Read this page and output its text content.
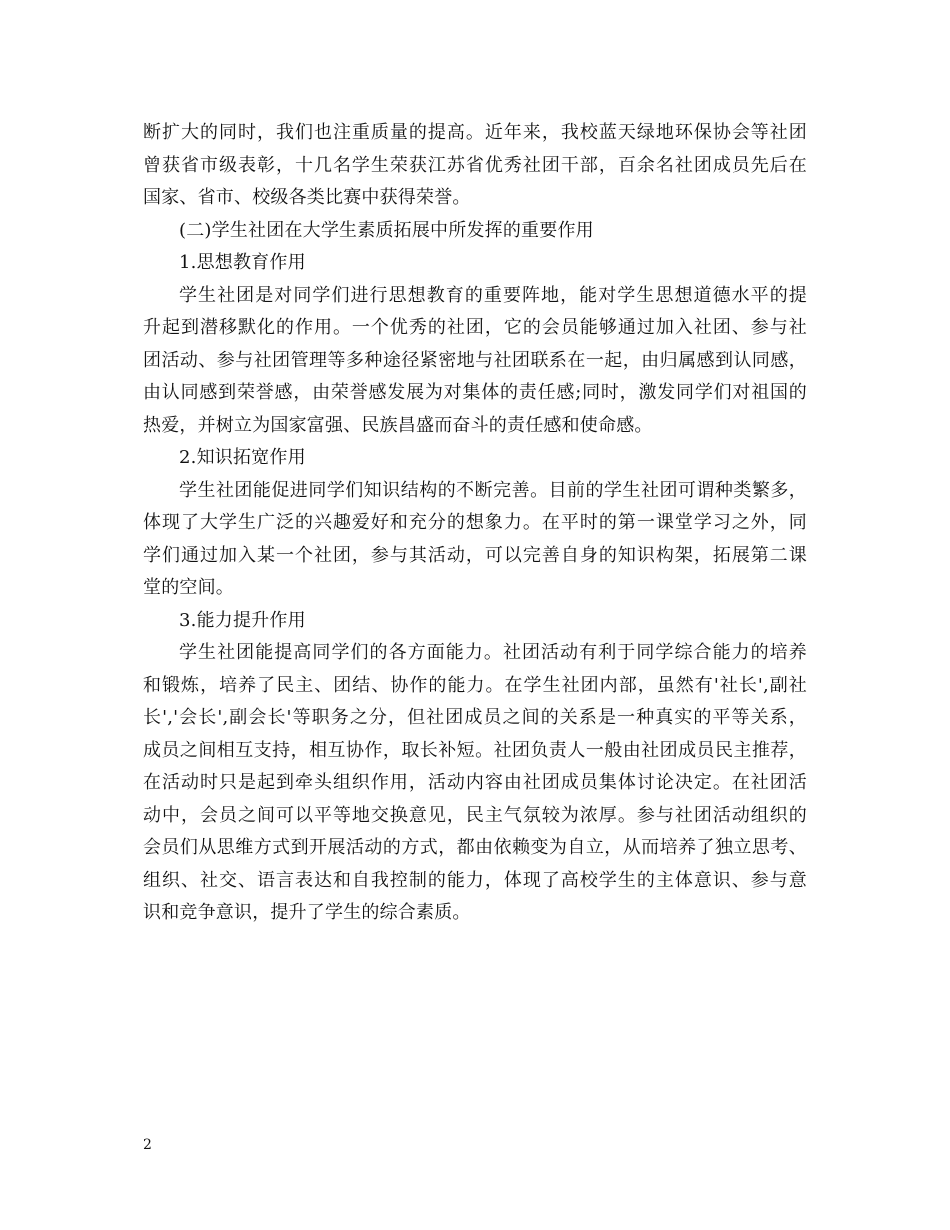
断扩大的同时，我们也注重质量的提高。近年来，我校蓝天绿地环保协会等社团
曾获省市级表彰，十几名学生荣获江苏省优秀社团干部，百余名社团成员先后在
国家、省市、校级各类比赛中获得荣誉。
(二)学生社团在大学生素质拓展中所发挥的重要作用
1.思想教育作用
学生社团是对同学们进行思想教育的重要阵地，能对学生思想道德水平的提
升起到潜移默化的作用。一个优秀的社团，它的会员能够通过加入社团、参与社
团活动、参与社团管理等多种途径紧密地与社团联系在一起，由归属感到认同感，
由认同感到荣誉感，由荣誉感发展为对集体的责任感;同时，激发同学们对祖国的
热爱，并树立为国家富强、民族昌盛而奋斗的责任感和使命感。
2.知识拓宽作用
学生社团能促进同学们知识结构的不断完善。目前的学生社团可谓种类繁多，
体现了大学生广泛的兴趣爱好和充分的想象力。在平时的第一课堂学习之外，同
学们通过加入某一个社团，参与其活动，可以完善自身的知识构架，拓展第二课
堂的空间。
3.能力提升作用
学生社团能提高同学们的各方面能力。社团活动有利于同学综合能力的培养
和锻炼，培养了民主、团结、协作的能力。在学生社团内部，虽然有'社长',副社
长','会长',副会长'等职务之分，但社团成员之间的关系是一种真实的平等关系，
成员之间相互支持，相互协作，取长补短。社团负责人一般由社团成员民主推荐，
在活动时只是起到牵头组织作用，活动内容由社团成员集体讨论决定。在社团活
动中，会员之间可以平等地交换意见，民主气氛较为浓厚。参与社团活动组织的
会员们从思维方式到开展活动的方式，都由依赖变为自立，从而培养了独立思考、
组织、社交、语言表达和自我控制的能力，体现了高校学生的主体意识、参与意
识和竞争意识，提升了学生的综合素质。
2
